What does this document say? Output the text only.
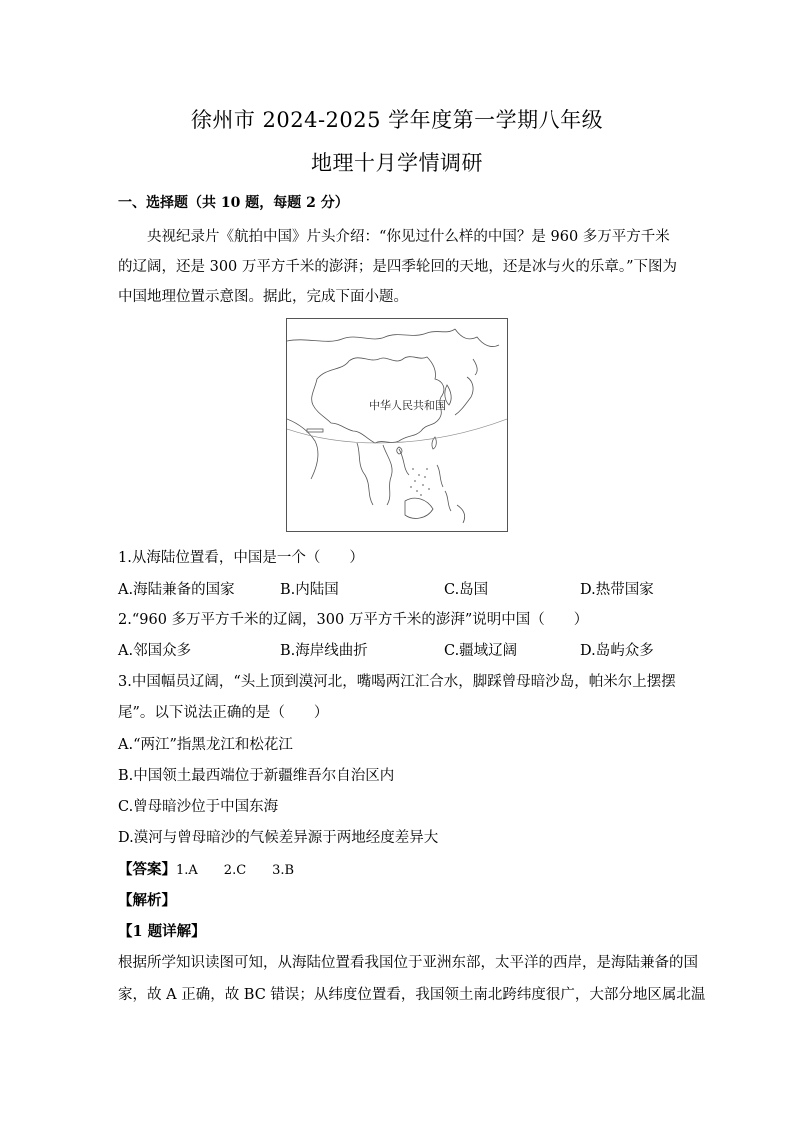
徐州市 2024-2025 学年度第一学期八年级
地理十月学情调研
一、选择题（共 10 题，每题 2 分）
央视纪录片《航拍中国》片头介绍：“你见过什么样的中国？是 960 多万平方千米的辽阔，还是 300 万平方千米的澎湃；是四季轮回的天地，还是冰与火的乐章。”下图为中国地理位置示意图。据此，完成下面小题。
中华人民共和国
1.从海陆位置看，中国是一个（　　）
A.海陆兼备的国家	B.内陆国	C.岛国	D.热带国家
2.“960 多万平方千米的辽阔，300 万平方千米的澎湃”说明中国（　　）
A.邻国众多	B.海岸线曲折	C.疆域辽阔	D.岛屿众多
3.中国幅员辽阔，“头上顶到漠河北，嘴喝两江汇合水，脚踩曾母暗沙岛，帕米尔上摆摆
尾”。以下说法正确的是（　　）
A.“两江”指黑龙江和松花江
B.中国领土最西端位于新疆维吾尔自治区内
C.曾母暗沙位于中国东海
D.漠河与曾母暗沙的气候差异源于两地经度差异大
【答案】1.A　　2.C　　3.B
【解析】
【1 题详解】
根据所学知识读图可知，从海陆位置看我国位于亚洲东部，太平洋的西岸，是海陆兼备的国
家，故 A 正确，故 BC 错误；从纬度位置看，我国领土南北跨纬度很广，大部分地区属北温
